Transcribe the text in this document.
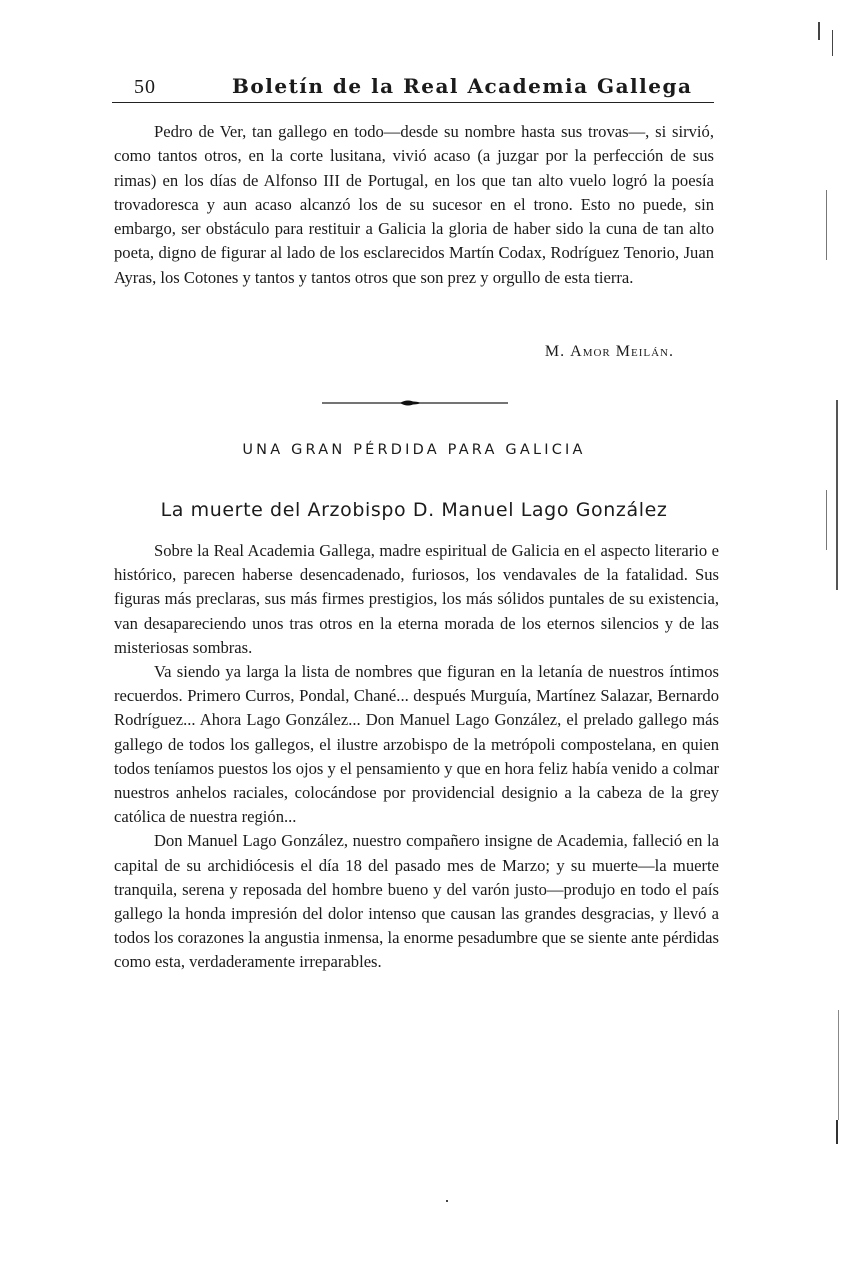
50	Boletín de la Real Academia Gallega

Pedro de Ver, tan gallego en todo—desde su nombre hasta sus trovas—, si sirvió, como tantos otros, en la corte lusitana, vivió acaso (a juzgar por la perfección de sus rimas) en los días de Alfonso III de Portugal, en los que tan alto vuelo logró la poesía trovadoresca y aun acaso alcanzó los de su sucesor en el trono. Esto no puede, sin embargo, ser obstáculo para restituir a Galicia la gloria de haber sido la cuna de tan alto poeta, digno de figurar al lado de los esclarecidos Martín Codax, Rodríguez Tenorio, Juan Ayras, los Cotones y tantos y tantos otros que son prez y orgullo de esta tierra.

M. Amor Meilán.
UNA GRAN PÉRDIDA PARA GALICIA
La muerte del Arzobispo D. Manuel Lago González

Sobre la Real Academia Gallega, madre espiritual de Galicia en el aspecto literario e histórico, parecen haberse desencadenado, furiosos, los vendavales de la fatalidad. Sus figuras más preclaras, sus más firmes prestigios, los más sólidos puntales de su existencia, van desapareciendo unos tras otros en la eterna morada de los eternos silencios y de las misteriosas sombras.

Va siendo ya larga la lista de nombres que figuran en la letanía de nuestros íntimos recuerdos. Primero Curros, Pondal, Chané... después Murguía, Martínez Salazar, Bernardo Rodríguez... Ahora Lago González... Don Manuel Lago González, el prelado gallego más gallego de todos los gallegos, el ilustre arzobispo de la metrópoli compostelana, en quien todos teníamos puestos los ojos y el pensamiento y que en hora feliz había venido a colmar nuestros anhelos raciales, colocándose por providencial designio a la cabeza de la grey católica de nuestra región...

Don Manuel Lago González, nuestro compañero insigne de Academia, falleció en la capital de su archidiócesis el día 18 del pasado mes de Marzo; y su muerte—la muerte tranquila, serena y reposada del hombre bueno y del varón justo—produjo en todo el país gallego la honda impresión del dolor intenso que causan las grandes desgracias, y llevó a todos los corazones la angustia inmensa, la enorme pesadumbre que se siente ante pérdidas como esta, verdaderamente irreparables.
